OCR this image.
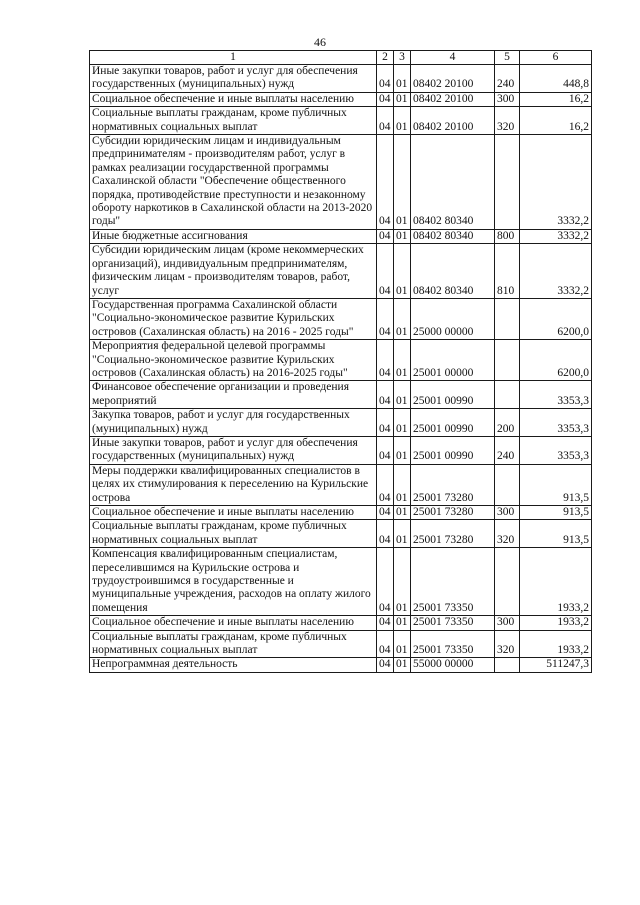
46
1	2	3	4	5	6
Иные закупки товаров, работ и услуг для обеспечения государственных (муниципальных) нужд	04	01	08402 20100	240	448,8
Социальное обеспечение и иные выплаты населению	04	01	08402 20100	300	16,2
Социальные выплаты гражданам, кроме публичных нормативных социальных выплат	04	01	08402 20100	320	16,2
Субсидии юридическим лицам и индивидуальным предпринимателям - производителям работ, услуг в рамках реализации государственной программы Сахалинской области "Обеспечение общественного порядка, противодействие преступности и незаконному обороту наркотиков в Сахалинской области на 2013-2020 годы"	04	01	08402 80340		3332,2
Иные бюджетные ассигнования	04	01	08402 80340	800	3332,2
Субсидии юридическим лицам (кроме некоммерческих организаций), индивидуальным предпринимателям, физическим лицам - производителям товаров, работ, услуг	04	01	08402 80340	810	3332,2
Государственная программа Сахалинской области "Социально-экономическое развитие Курильских островов (Сахалинская область) на 2016 - 2025 годы"	04	01	25000 00000		6200,0
Мероприятия федеральной целевой программы "Социально-экономическое развитие Курильских островов (Сахалинская область) на 2016-2025 годы"	04	01	25001 00000		6200,0
Финансовое обеспечение организации и проведения мероприятий	04	01	25001 00990		3353,3
Закупка товаров, работ и услуг для государственных (муниципальных) нужд	04	01	25001 00990	200	3353,3
Иные закупки товаров, работ и услуг для обеспечения государственных (муниципальных) нужд	04	01	25001 00990	240	3353,3
Меры поддержки квалифицированных специалистов в целях их стимулирования к переселению на Курильские острова	04	01	25001 73280		913,5
Социальное обеспечение и иные выплаты населению	04	01	25001 73280	300	913,5
Социальные выплаты гражданам, кроме публичных нормативных социальных выплат	04	01	25001 73280	320	913,5
Компенсация квалифицированным специалистам, переселившимся на Курильские острова и трудоустроившимся в государственные и муниципальные учреждения, расходов на оплату жилого помещения	04	01	25001 73350		1933,2
Социальное обеспечение и иные выплаты населению	04	01	25001 73350	300	1933,2
Социальные выплаты гражданам, кроме публичных нормативных социальных выплат	04	01	25001 73350	320	1933,2
Непрограммная деятельность	04	01	55000 00000		511247,3
